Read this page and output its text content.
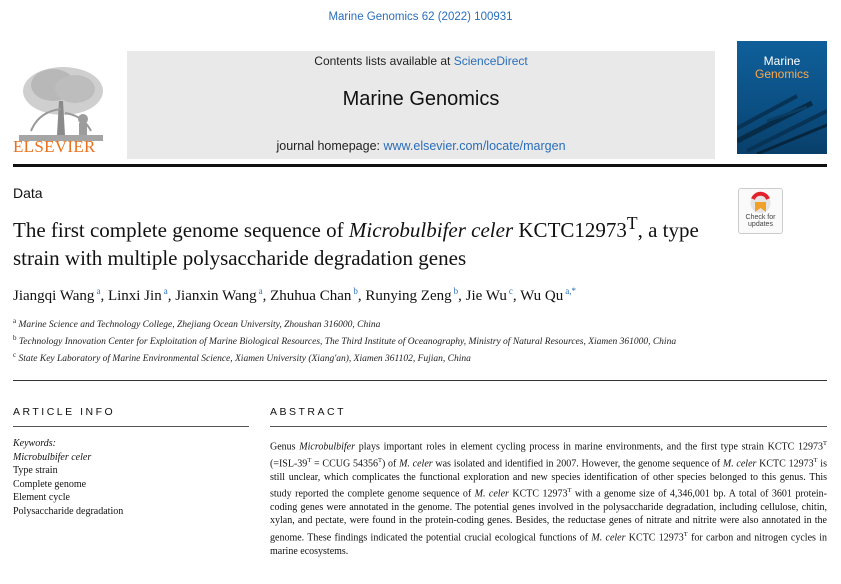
Marine Genomics 62 (2022) 100931
ELSEVIER
Contents lists available at ScienceDirect
Marine Genomics
journal homepage: www.elsevier.com/locate/margen
Marine
Genomics
Data
The first complete genome sequence of Microbulbifer celer $KCTC12973^T$, a type strain with multiple polysaccharide degradation genes
Check for
updates
Jiangqi Wang $^a$, Linxi Jin $^a$, Jianxin Wang $^a$, Zhuhua Chan $^b$, Runying Zeng $^b$, Jie Wu $^c$, Wu Qu $^{a,*}$
$^a$ Marine Science and Technology College, Zhejiang Ocean University, Zhoushan 316000, China
$^b$ Technology Innovation Center for Exploitation of Marine Biological Resources, The Third Institute of Oceanography, Ministry of Natural Resources, Xiamen 361000, China
$^c$ State Key Laboratory of Marine Environmental Science, Xiamen University (Xiang'an), Xiamen 361102, Fujian, China
ARTICLE INFO	ABSTRACT
Keywords:
Microbulbifer celer
Type strain
Complete genome
Element cycle
Polysaccharide degradation
Genus Microbulbifer plays important roles in element cycling process in marine environments, and the first type strain KCTC $12973^T$ ($=ISL-39^T$ = CCUG $54356^T$) of M. celer was isolated and identified in 2007. However, the genome sequence of M. celer KCTC $12973^T$ is still unclear, which complicates the functional exploration and new species identification of other species belonged to this genus. This study reported the complete genome sequence of M. celer KCTC $12973^T$ with a genome size of 4,346,001 bp. A total of 3601 protein-coding genes were annotated in the genome. The potential genes involved in the polysaccharide degradation, including cellulose, chitin, xylan, and pectate, were found in the protein-coding genes. Besides, the reductase genes of nitrate and nitrite were also annotated in the genome. These findings indicated the potential crucial ecological functions of M. celer KCTC $12973^T$ for carbon and nitrogen cycles in marine ecosystems.
